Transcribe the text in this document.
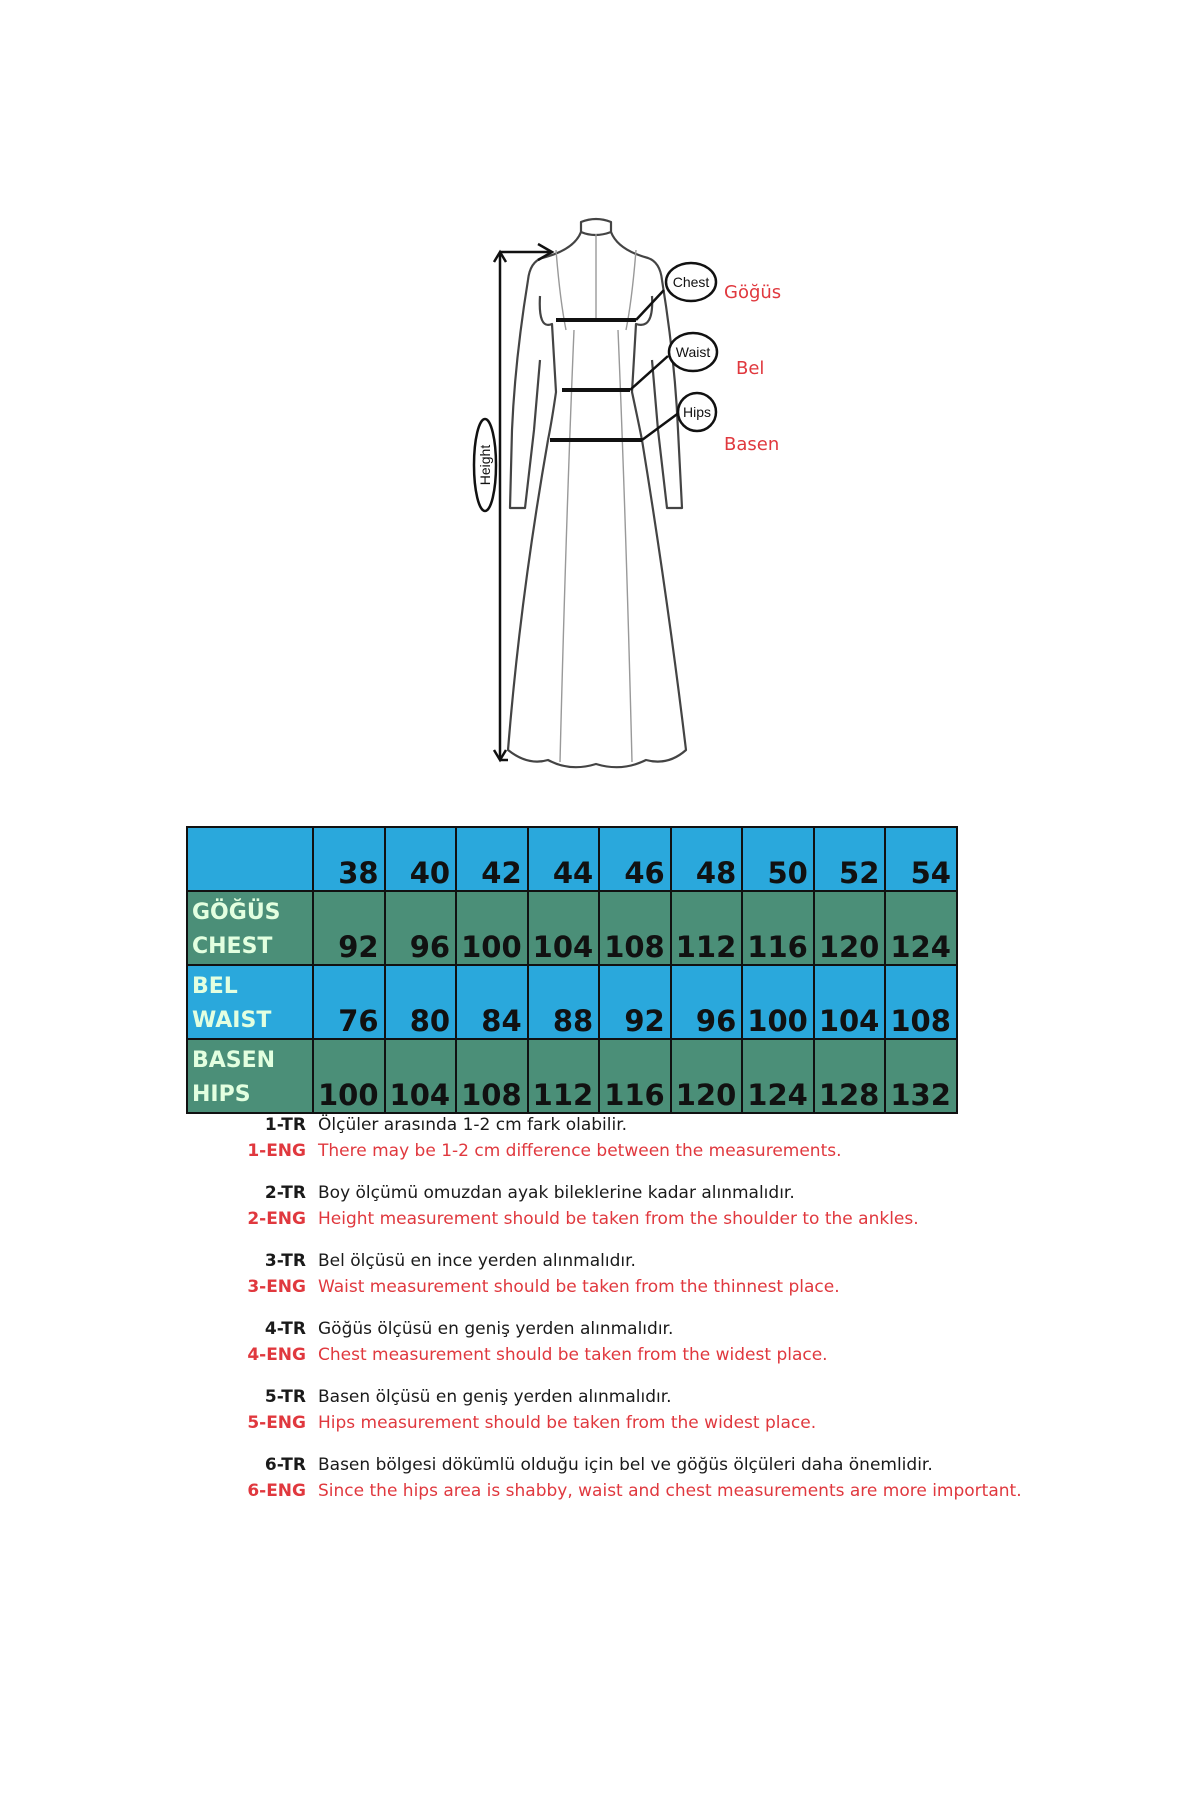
Chest
Waist
Hips
Height
Göğüs
Bel
Basen
	38	40	42	44	46	48	50	52	54

GÖĞÜS
CHEST	92	96	100	104	108	112	116	120	124

BEL
WAIST	76	80	84	88	92	96	100	104	108

BASEN
HIPS	100	104	108	112	116	120	124	128	132
1-TR Ölçüler arasında 1-2 cm fark olabilir.
1-ENG There may be 1-2 cm difference between the measurements.
2-TR Boy ölçümü omuzdan ayak bileklerine kadar alınmalıdır.
2-ENG Height measurement should be taken from the shoulder to the ankles.
3-TR Bel ölçüsü en ince yerden alınmalıdır.
3-ENG Waist measurement should be taken from the thinnest place.
4-TR Göğüs ölçüsü en geniş yerden alınmalıdır.
4-ENG Chest measurement should be taken from the widest place.
5-TR Basen ölçüsü en geniş yerden alınmalıdır.
5-ENG Hips measurement should be taken from the widest place.
6-TR Basen bölgesi dökümlü olduğu için bel ve göğüs ölçüleri daha önemlidir.
6-ENG Since the hips area is shabby, waist and chest measurements are more important.
